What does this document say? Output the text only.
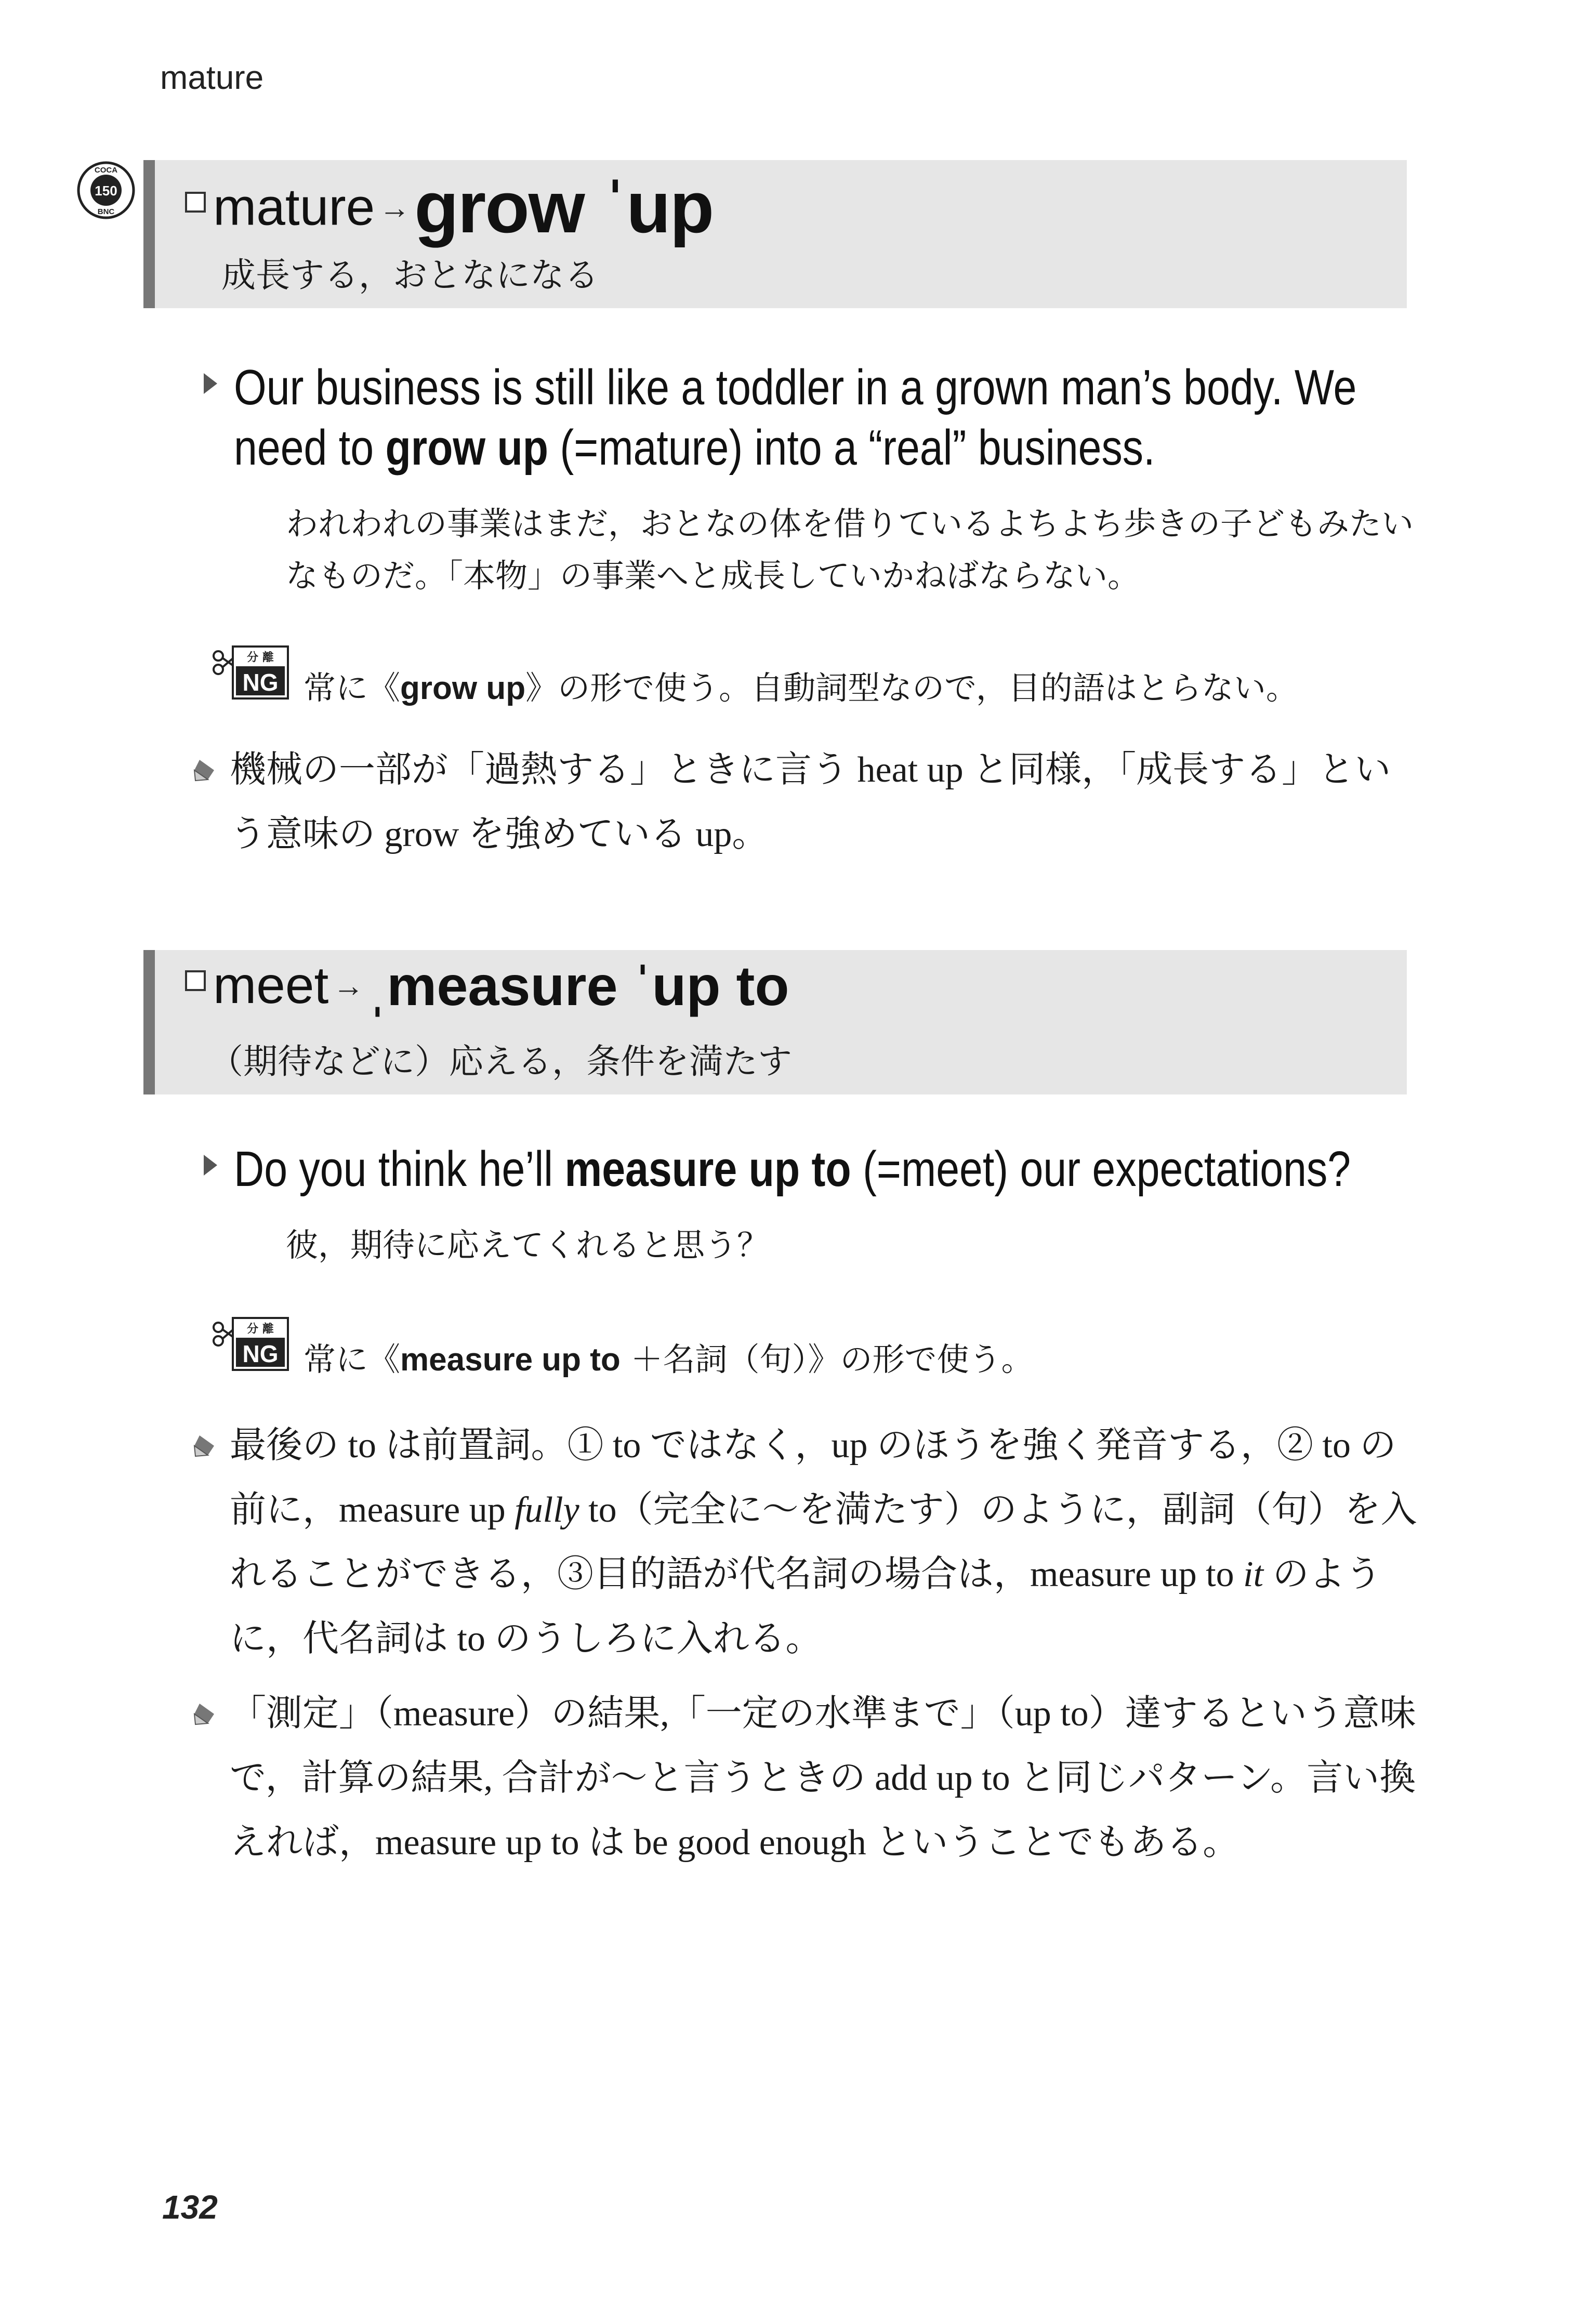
mature
150
COCA
BNC	mature →grow ˈup
成長する，おとなになる
Our business is still like a toddler in a grown man’s body. We need to grow up (=mature) into a “real” business.
われわれの事業はまだ，おとなの体を借りているよちよち歩きの子どもみたいなものだ。「本物」の事業へと成長していかねばならない。
分 離
NG 常に《grow up》の形で使う。自動詞型なので，目的語はとらない。
機械の一部が「過熱する」ときに言う heat up と同様，「成長する」という意味の grow を強めている up。
meet →ˌmeasure ˈup to
（期待などに）応える，条件を満たす
Do you think he’ll measure up to (=meet) our expectations?
彼，期待に応えてくれると思う？
分 離
NG 常に《measure up to ＋名詞（句）》の形で使う。
最後の to は前置詞。① to ではなく，up のほうを強く発音する，② to の前に，measure up fully to（完全に～を満たす）のように，副詞（句）を入れることができる，③目的語が代名詞の場合は，measure up to it のように，代名詞は to のうしろに入れる。
「測定」（measure）の結果,「一定の水準まで」（up to）達するという意味で，計算の結果, 合計が～と言うときの add up to と同じパターン。言い換えれば，measure up to は be good enough ということでもある。
132
